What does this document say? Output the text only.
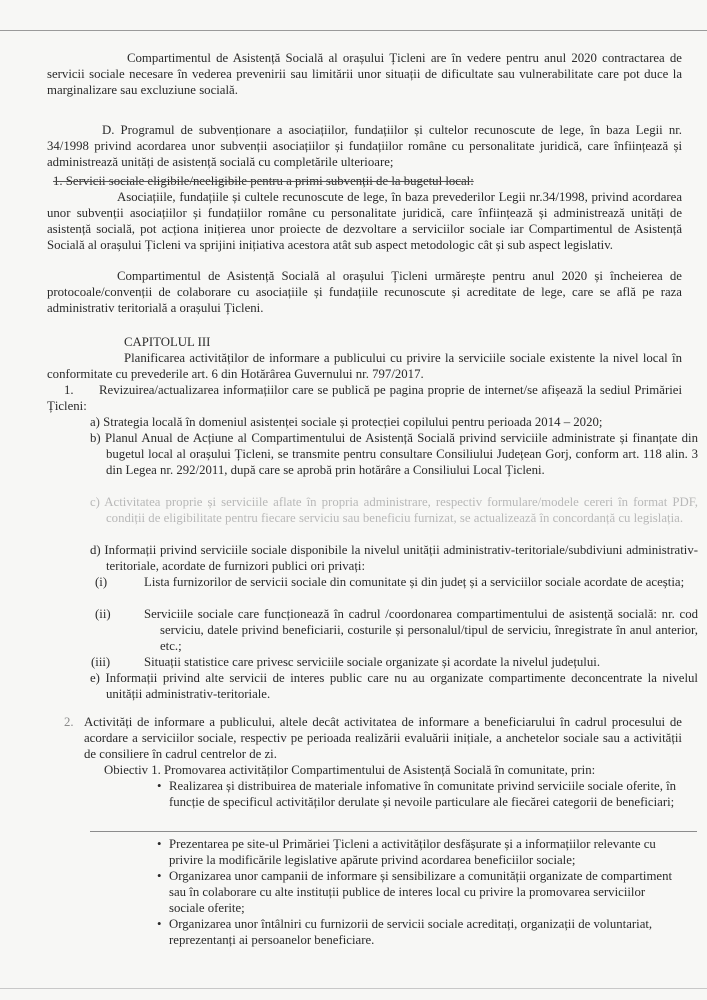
Compartimentul de Asistență Socială al orașului Țicleni are în vedere pentru anul 2020 contractarea de servicii sociale necesare în vederea prevenirii sau limitării unor situații de dificultate sau vulnerabilitate care pot duce la marginalizare sau excluziune socială.

D. Programul de subvenționare a asociațiilor, fundațiilor și cultelor recunoscute de lege, în baza Legii nr. 34/1998 privind acordarea unor subvenții asociațiilor și fundațiilor române cu personalitate juridică, care înființează și administrează unități de asistență socială cu completările ulterioare;

1. Servicii sociale eligibile/neeligibile pentru a primi subvenții de la bugetul local:

Asociațiile, fundațiile și cultele recunoscute de lege, în baza prevederilor Legii nr.34/1998, privind acordarea unor subvenții asociațiilor și fundațiilor române cu personalitate juridică, care înființează și administrează unități de asistență socială, pot acționa inițierea unor proiecte de dezvoltare a serviciilor sociale iar Compartimentul de Asistență Socială al orașului Țicleni va sprijini inițiativa acestora atât sub aspect metodologic cât și sub aspect legislativ.

Compartimentul de Asistență Socială al orașului Țicleni urmărește pentru anul 2020 și încheierea de protocoale/convenții de colaborare cu asociațiile și fundațiile recunoscute și acreditate de lege, care se află pe raza administrativ teritorială a orașului Țicleni.

CAPITOLUL III

Planificarea activităților de informare a publicului cu privire la serviciile sociale existente la nivel local în conformitate cu prevederile art. 6 din Hotărârea Guvernului nr. 797/2017.

1.	Revizuirea/actualizarea informațiilor care se publică pe pagina proprie de internet/se afișează la sediul Primăriei Țicleni:

a) Strategia locală în domeniul asistenței sociale și protecției copilului pentru perioada 2014 – 2020;

b) Planul Anual de Acțiune al Compartimentului de Asistență Socială privind serviciile administrate și finanțate din bugetul local al orașului Țicleni, se transmite pentru consultare Consiliului Județean Gorj, conform art. 118 alin. 3 din Legea nr. 292/2011, după care se aprobă prin hotărâre a Consiliului Local Țicleni.

c) Activitatea proprie și serviciile aflate în propria administrare, respectiv formulare/modele cereri în format PDF, condiții de eligibilitate pentru fiecare serviciu sau beneficiu furnizat, se actualizează în concordanță cu legislația.

d) Informații privind serviciile sociale disponibile la nivelul unității administrativ-teritoriale/subdiviuni administrativ-teritoriale, acordate de furnizori publici ori privați:

(i)	Lista furnizorilor de servicii sociale din comunitate și din județ și a serviciilor sociale acordate de aceștia;

(ii)	Serviciile sociale care funcționează în cadrul /coordonarea compartimentului de asistență socială: nr. cod serviciu, datele privind beneficiarii, costurile și personalul/tipul de serviciu, înregistrate în anul anterior, etc.;

(iii)	Situații statistice care privesc serviciile sociale organizate și acordate la nivelul județului.

e) Informații privind alte servicii de interes public care nu au organizate compartimente deconcentrate la nivelul unității administrativ-teritoriale.

2. Activități de informare a publicului, altele decât activitatea de informare a beneficiarului în cadrul procesului de acordare a serviciilor sociale, respectiv pe perioada realizării evaluării inițiale, a anchetelor sociale sau a activității de consiliere în cadrul centrelor de zi.

Obiectiv 1. Promovarea activităților Compartimentului de Asistență Socială în comunitate, prin:

• Realizarea și distribuirea de materiale infomative în comunitate privind serviciile sociale oferite, în funcție de specificul activităților derulate și nevoile particulare ale fiecărei categorii de beneficiari;

• Prezentarea pe site-ul Primăriei Țicleni a activităților desfășurate și a informațiilor relevante cu privire la modificările legislative apărute privind acordarea beneficiilor sociale;

• Organizarea unor campanii de informare și sensibilizare a comunității organizate de compartiment sau în colaborare cu alte instituții publice de interes local cu privire la promovarea serviciilor sociale oferite;

• Organizarea unor întâlniri cu furnizorii de servicii sociale acreditați, organizații de voluntariat, reprezentanți ai persoanelor beneficiare.
